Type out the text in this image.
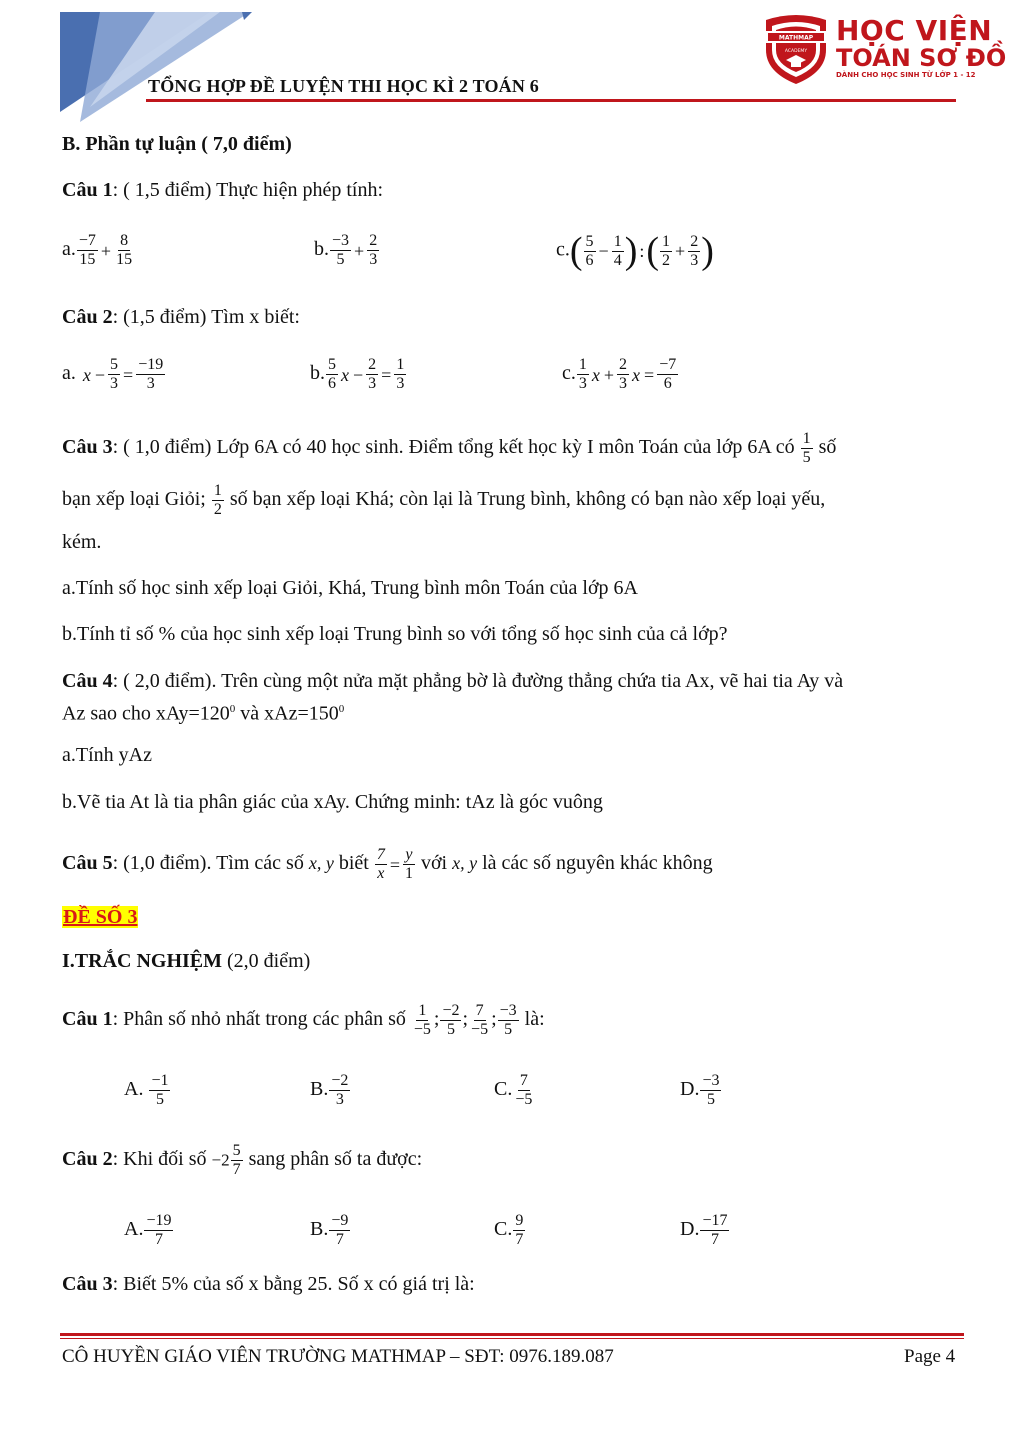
TỔNG HỢP ĐỀ LUYỆN THI HỌC KÌ 2 TOÁN 6
MATHMAP
ACADEMY
HỌC VIỆN
TOÁN SƠ ĐỒ
DÀNH CHO HỌC SINH TỪ LỚP 1 - 12
B. Phần tự luận ( 7,0 điểm)
Câu 1: ( 1,5 điểm) Thực hiện phép tính:
a. $\frac{-7}{15} + \frac{8}{15}$	b. $\frac{-3}{5} + \frac{2}{3}$	$c.( \frac{5}{6} - \frac{1}{4}$ ) :( $\frac{1}{2} + \frac{2}{3}$ )
Câu 2: (1,5 điểm) Tìm x biết:
a. $x - \frac{5}{3} = \frac{-19}{3}$	b. $\frac{5}{6}$ $x - \frac{2}{3} = \frac{1}{3}$	c. $\frac{1}{3}$ $x + \frac{2}{3}$ $x = \frac{-7}{6}$
Câu 3: ( 1,0 điểm) Lớp 6A có 40 học sinh. Điểm tổng kết học kỳ I môn Toán của lớp 6A có $\frac{1}{5}$ số
bạn xếp loại Giỏi; $\frac{1}{2}$ số bạn xếp loại Khá; còn lại là Trung bình, không có bạn nào xếp loại yếu,
kém.
a.Tính số học sinh xếp loại Giỏi, Khá, Trung bình môn Toán của lớp 6A
b.Tính tỉ số % của học sinh xếp loại Trung bình so với tổng số học sinh của cả lớp?
Câu 4: ( 2,0 điểm). Trên cùng một nửa mặt phẳng bờ là đường thẳng chứa tia Ax, vẽ hai tia Ay và
Az sao cho $xAy=120^0$ và $xAz=150^0$
a.Tính yAz
b.Vẽ tia At là tia phân giác của xAy. Chứng minh: tAz là góc vuông
Câu 5: (1,0 điểm). Tìm các số x, y biết $\frac{7}{x} = \frac{y}{1}$ với x, y là các số nguyên khác không
ĐỀ SỐ 3
I.TRẮC NGHIỆM (2,0 điểm)
Câu 1: Phân số nhỏ nhất trong các phân số $\frac{1}{-5}$ ; $\frac{-2}{5}$ ; $\frac{7}{-5}$ ; $\frac{-3}{5}$ là:
A. $\frac{-1}{5}$	B. $\frac{-2}{3}$	C. $\frac{7}{-5}$	D. $\frac{-3}{5}$
Câu 2: Khi đối số $-2 \frac{5}{7}$ sang phân số ta được:
A. $\frac{-19}{7}$	B. $\frac{-9}{7}$	C. $\frac{9}{7}$	D. $\frac{-17}{7}$
Câu 3: Biết 5% của số x bằng 25. Số x có giá trị là:
CÔ HUYỀN GIÁO VIÊN TRƯỜNG MATHMAP – SĐT: 0976.189.087	Page 4
